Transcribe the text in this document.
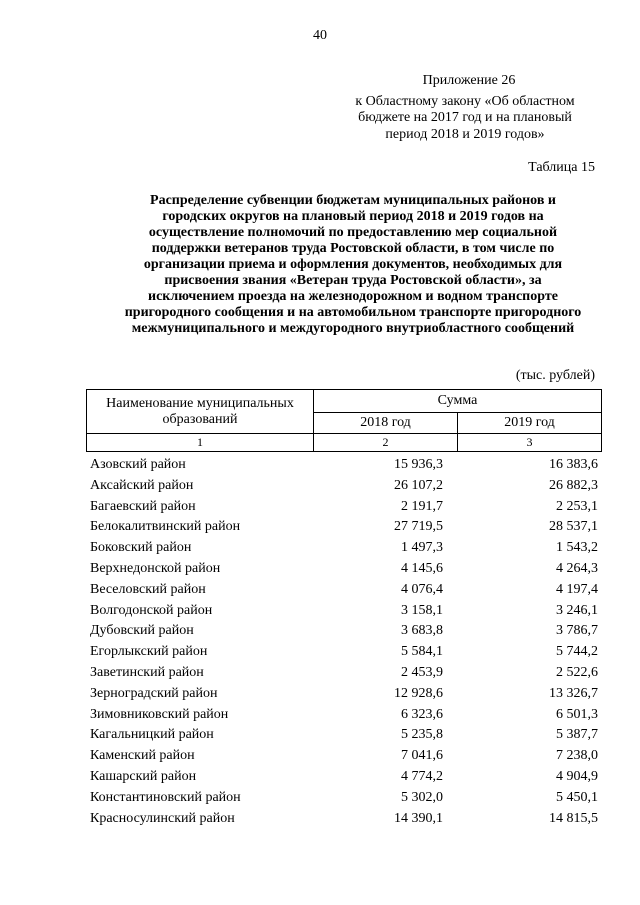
40
Приложение 26
к Областному закону «Об областном
бюджете на 2017 год и на плановый
период 2018 и 2019 годов»
Таблица 15
Распределение субвенции бюджетам муниципальных районов и
городских округов на плановый период 2018 и 2019 годов на
осуществление полномочий по предоставлению мер социальной
поддержки ветеранов труда Ростовской области, в том числе по
организации приема и оформления документов, необходимых для
присвоения звания «Ветеран труда Ростовской области», за
исключением проезда на железнодорожном и водном транспорте
пригородного сообщения и на автомобильном транспорте пригородного
межмуниципального и междугородного внутриобластного сообщений
(тыс. рублей)
Наименование муниципальных
образований	Сумма	
	2018 год	2019 год
1	2	3
Азовский район	15 936,3	16 383,6
Аксайский район	26 107,2	26 882,3
Багаевский район	2 191,7	2 253,1
Белокалитвинский район	27 719,5	28 537,1
Боковский район	1 497,3	1 543,2
Верхнедонской район	4 145,6	4 264,3
Веселовский район	4 076,4	4 197,4
Волгодонской район	3 158,1	3 246,1
Дубовский район	3 683,8	3 786,7
Егорлыкский район	5 584,1	5 744,2
Заветинский район	2 453,9	2 522,6
Зерноградский район	12 928,6	13 326,7
Зимовниковский район	6 323,6	6 501,3
Кагальницкий район	5 235,8	5 387,7
Каменский район	7 041,6	7 238,0
Кашарский район	4 774,2	4 904,9
Константиновский район	5 302,0	5 450,1
Красносулинский район	14 390,1	14 815,5
